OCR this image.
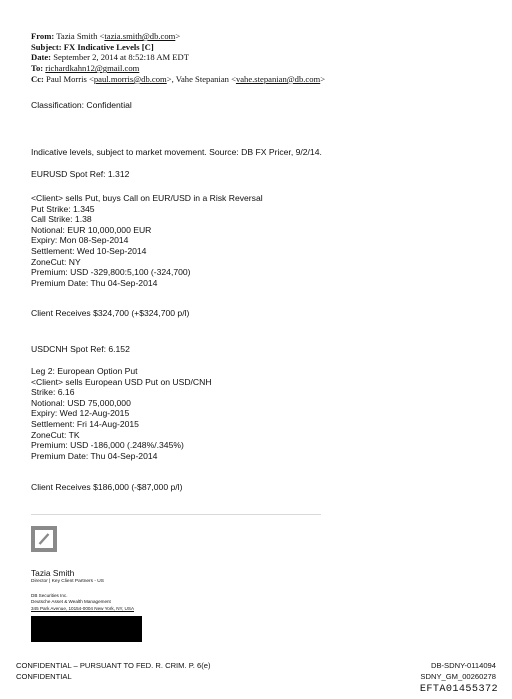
From: Tazia Smith <tazia.smith@db.com>
Subject: FX Indicative Levels [C]
Date: September 2, 2014 at 8:52:18 AM EDT
To: richardkahn12@gmail.com
Cc: Paul Morris <paul.morris@db.com>, Vahe Stepanian <vahe.stepanian@db.com>
Classification: Confidential
Indicative levels, subject to market movement. Source: DB FX Pricer, 9/2/14.
EURUSD Spot Ref: 1.312
<Client> sells Put, buys Call on EUR/USD in a Risk Reversal
Put Strike: 1.345
Call Strike: 1.38
Notional: EUR 10,000,000 EUR
Expiry: Mon 08-Sep-2014
Settlement: Wed 10-Sep-2014
ZoneCut: NY
Premium: USD -329,800:5,100 (-324,700)
Premium Date: Thu 04-Sep-2014
Client Receives $324,700 (+$324,700 p/l)
USDCNH Spot Ref: 6.152
Leg 2: European Option Put
<Client> sells European USD Put on USD/CNH
Strike: 6.16
Notional: USD 75,000,000
Expiry: Wed 12-Aug-2015
Settlement: Fri 14-Aug-2015
ZoneCut: TK
Premium: USD -186,000 (.248%/.345%)
Premium Date: Thu 04-Sep-2014
Client Receives $186,000 (-$87,000 p/l)
Tazia Smith
Director | Key Client Partners - US
DB Securities Inc.
Deutsche Asset & Wealth Management
345 Park Avenue, 10154-0004 New York, NY, USA
CONFIDENTIAL – PURSUANT TO FED. R. CRIM. P. 6(e)
CONFIDENTIAL
DB-SDNY-0114094
SDNY_GM_00260278
EFTA01455372
